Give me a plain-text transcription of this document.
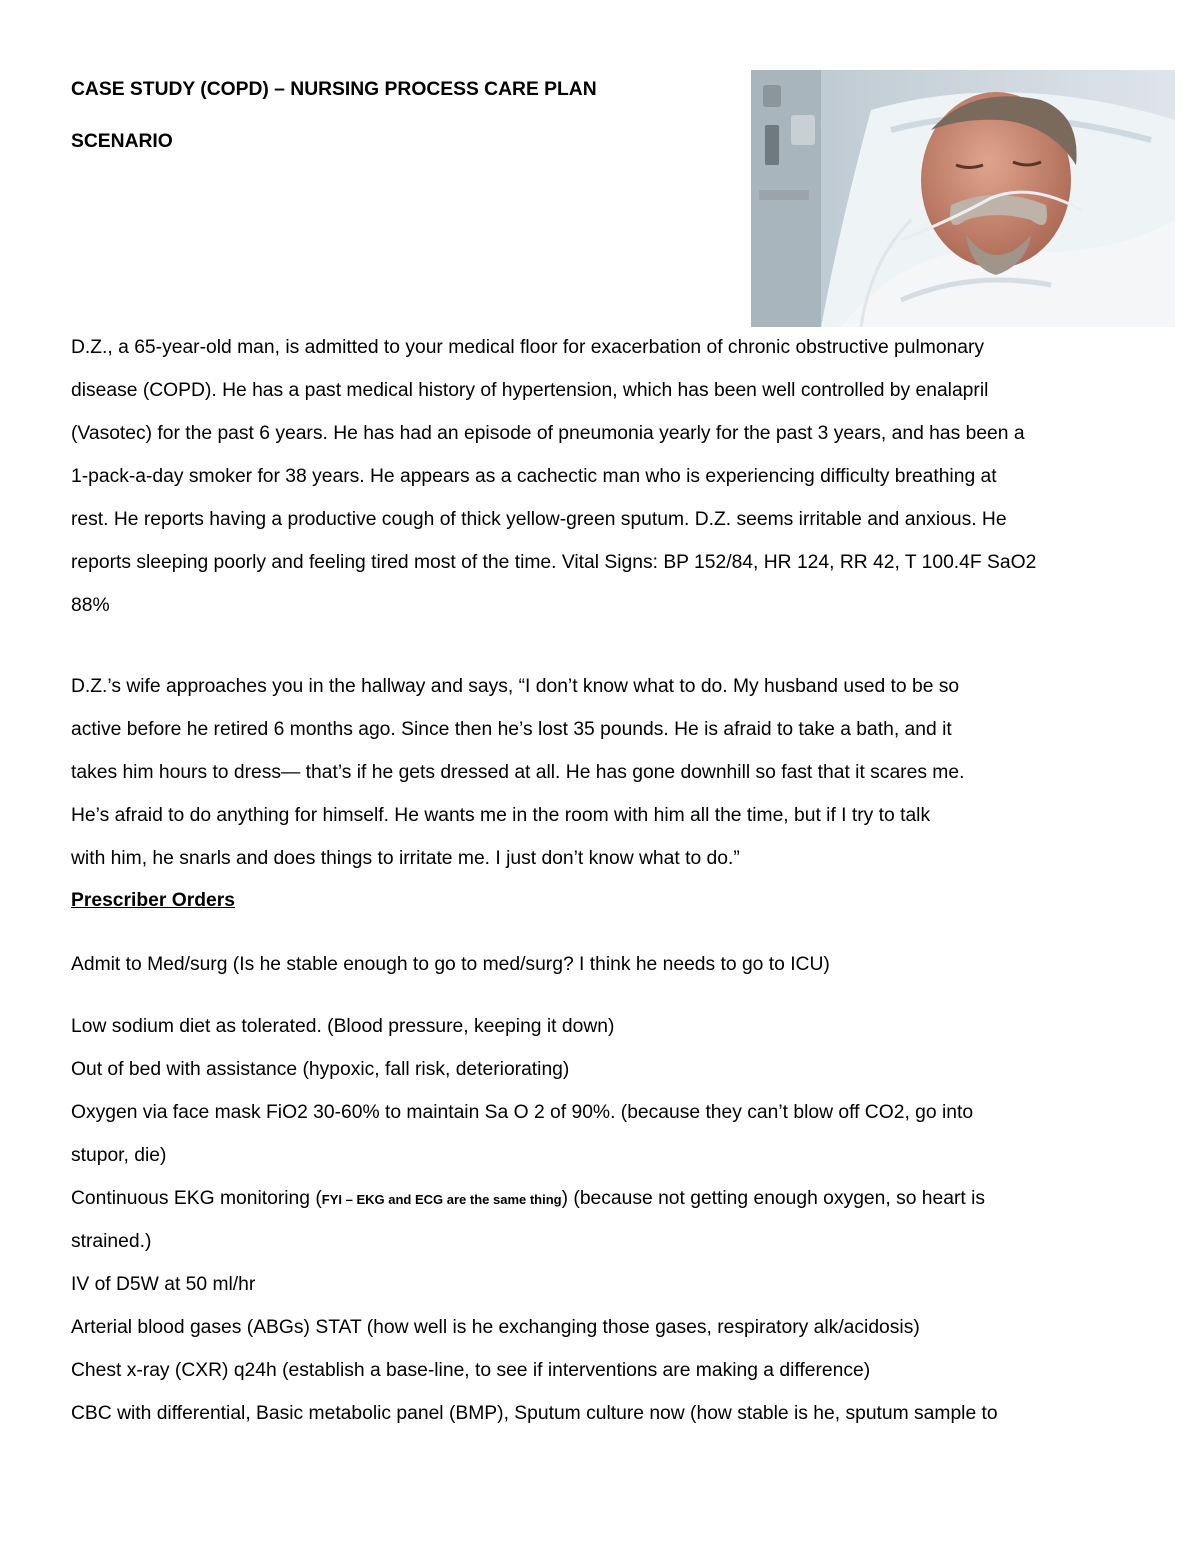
CASE STUDY (COPD) – NURSING PROCESS CARE PLAN
SCENARIO
D.Z., a 65-year-old man, is admitted to your medical floor for exacerbation of chronic obstructive pulmonary
disease (COPD). He has a past medical history of hypertension, which has been well controlled by enalapril
(Vasotec) for the past 6 years. He has had an episode of pneumonia yearly for the past 3 years, and has been a
1-pack-a-day smoker for 38 years. He appears as a cachectic man who is experiencing difficulty breathing at
rest. He reports having a productive cough of thick yellow-green sputum. D.Z. seems irritable and anxious. He
reports sleeping poorly and feeling tired most of the time. Vital Signs: BP 152/84, HR 124, RR 42, T 100.4F SaO2
88%
D.Z.’s wife approaches you in the hallway and says, “I don’t know what to do. My husband used to be so
active before he retired 6 months ago. Since then he’s lost 35 pounds. He is afraid to take a bath, and it
takes him hours to dress— that’s if he gets dressed at all. He has gone downhill so fast that it scares me.
He’s afraid to do anything for himself. He wants me in the room with him all the time, but if I try to talk
with him, he snarls and does things to irritate me. I just don’t know what to do.”
Prescriber Orders
Admit to Med/surg (Is he stable enough to go to med/surg? I think he needs to go to ICU)
Low sodium diet as tolerated. (Blood pressure, keeping it down)
Out of bed with assistance (hypoxic, fall risk, deteriorating)
Oxygen via face mask FiO2 30-60% to maintain Sa O 2 of 90%. (because they can’t blow off CO2, go into
stupor, die)
Continuous EKG monitoring (FYI – EKG and ECG are the same thing) (because not getting enough oxygen, so heart is
strained.)
IV of D5W at 50 ml/hr
Arterial blood gases (ABGs) STAT (how well is he exchanging those gases, respiratory alk/acidosis)
Chest x-ray (CXR) q24h (establish a base-line, to see if interventions are making a difference)
CBC with differential, Basic metabolic panel (BMP), Sputum culture now (how stable is he, sputum sample to
